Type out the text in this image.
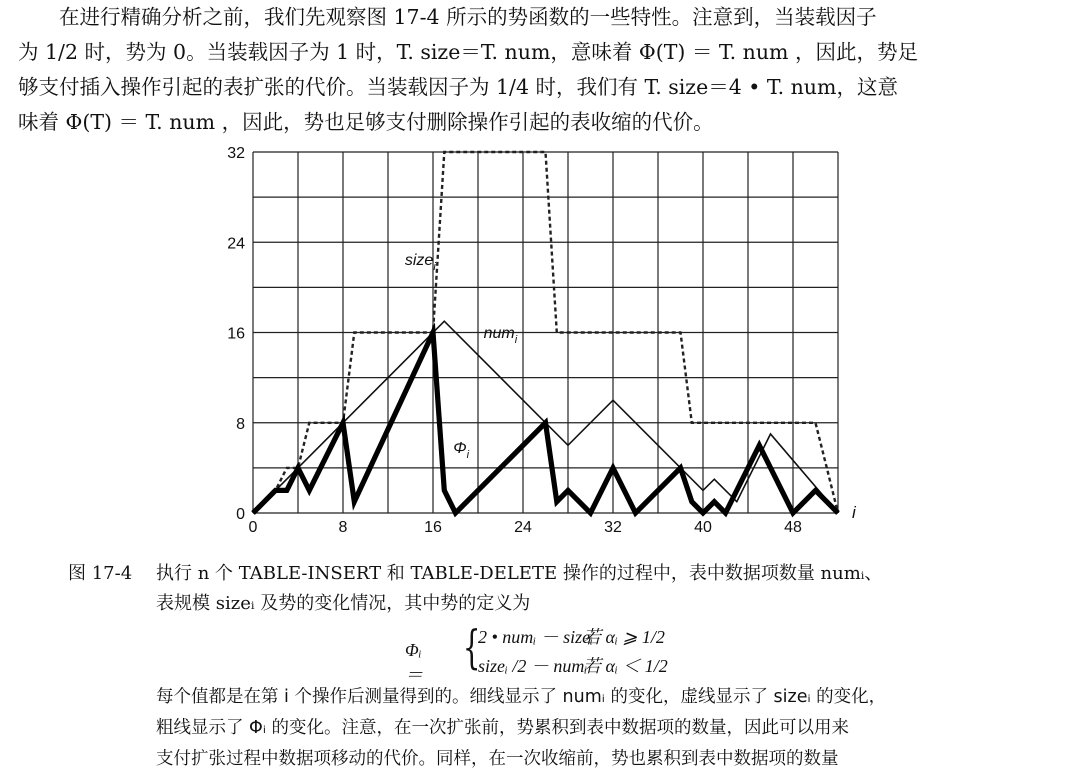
在进行精确分析之前，我们先观察图 17-4 所示的势函数的一些特性。注意到，当装载因子

为 1/2 时，势为 0。当装载因子为 1 时，T. size＝T. num，意味着 Φ(T) ＝ T. num ，因此，势足

够支付插入操作引起的表扩张的代价。当装载因子为 1/4 时，我们有 T. size＝4 • T. num，这意

味着 Φ(T) ＝ T. num ，因此，势也足够支付删除操作引起的表收缩的代价。

0	8	16	24	32	40	48
0
8
16
24
32
i
size$_i$
num$_i$
$\Phi_i$
图 17-4 执行 n 个 TABLE-INSERT 和 TABLE-DELETE 操作的过程中，表中数据项数量 numᵢ、

表规模 sizeᵢ 及势的变化情况，其中势的定义为

Φᵢ ＝
{
2 • numᵢ － sizeᵢ
若 αᵢ ⩾ 1/2
sizeᵢ /2 － numᵢ
若 αᵢ ＜ 1/2
每个值都是在第 i 个操作后测量得到的。细线显示了 numᵢ 的变化，虚线显示了 sizeᵢ 的变化，
粗线显示了 Φᵢ 的变化。注意，在一次扩张前，势累积到表中数据项的数量，因此可以用来
支付扩张过程中数据项移动的代价。同样，在一次收缩前，势也累积到表中数据项的数量
